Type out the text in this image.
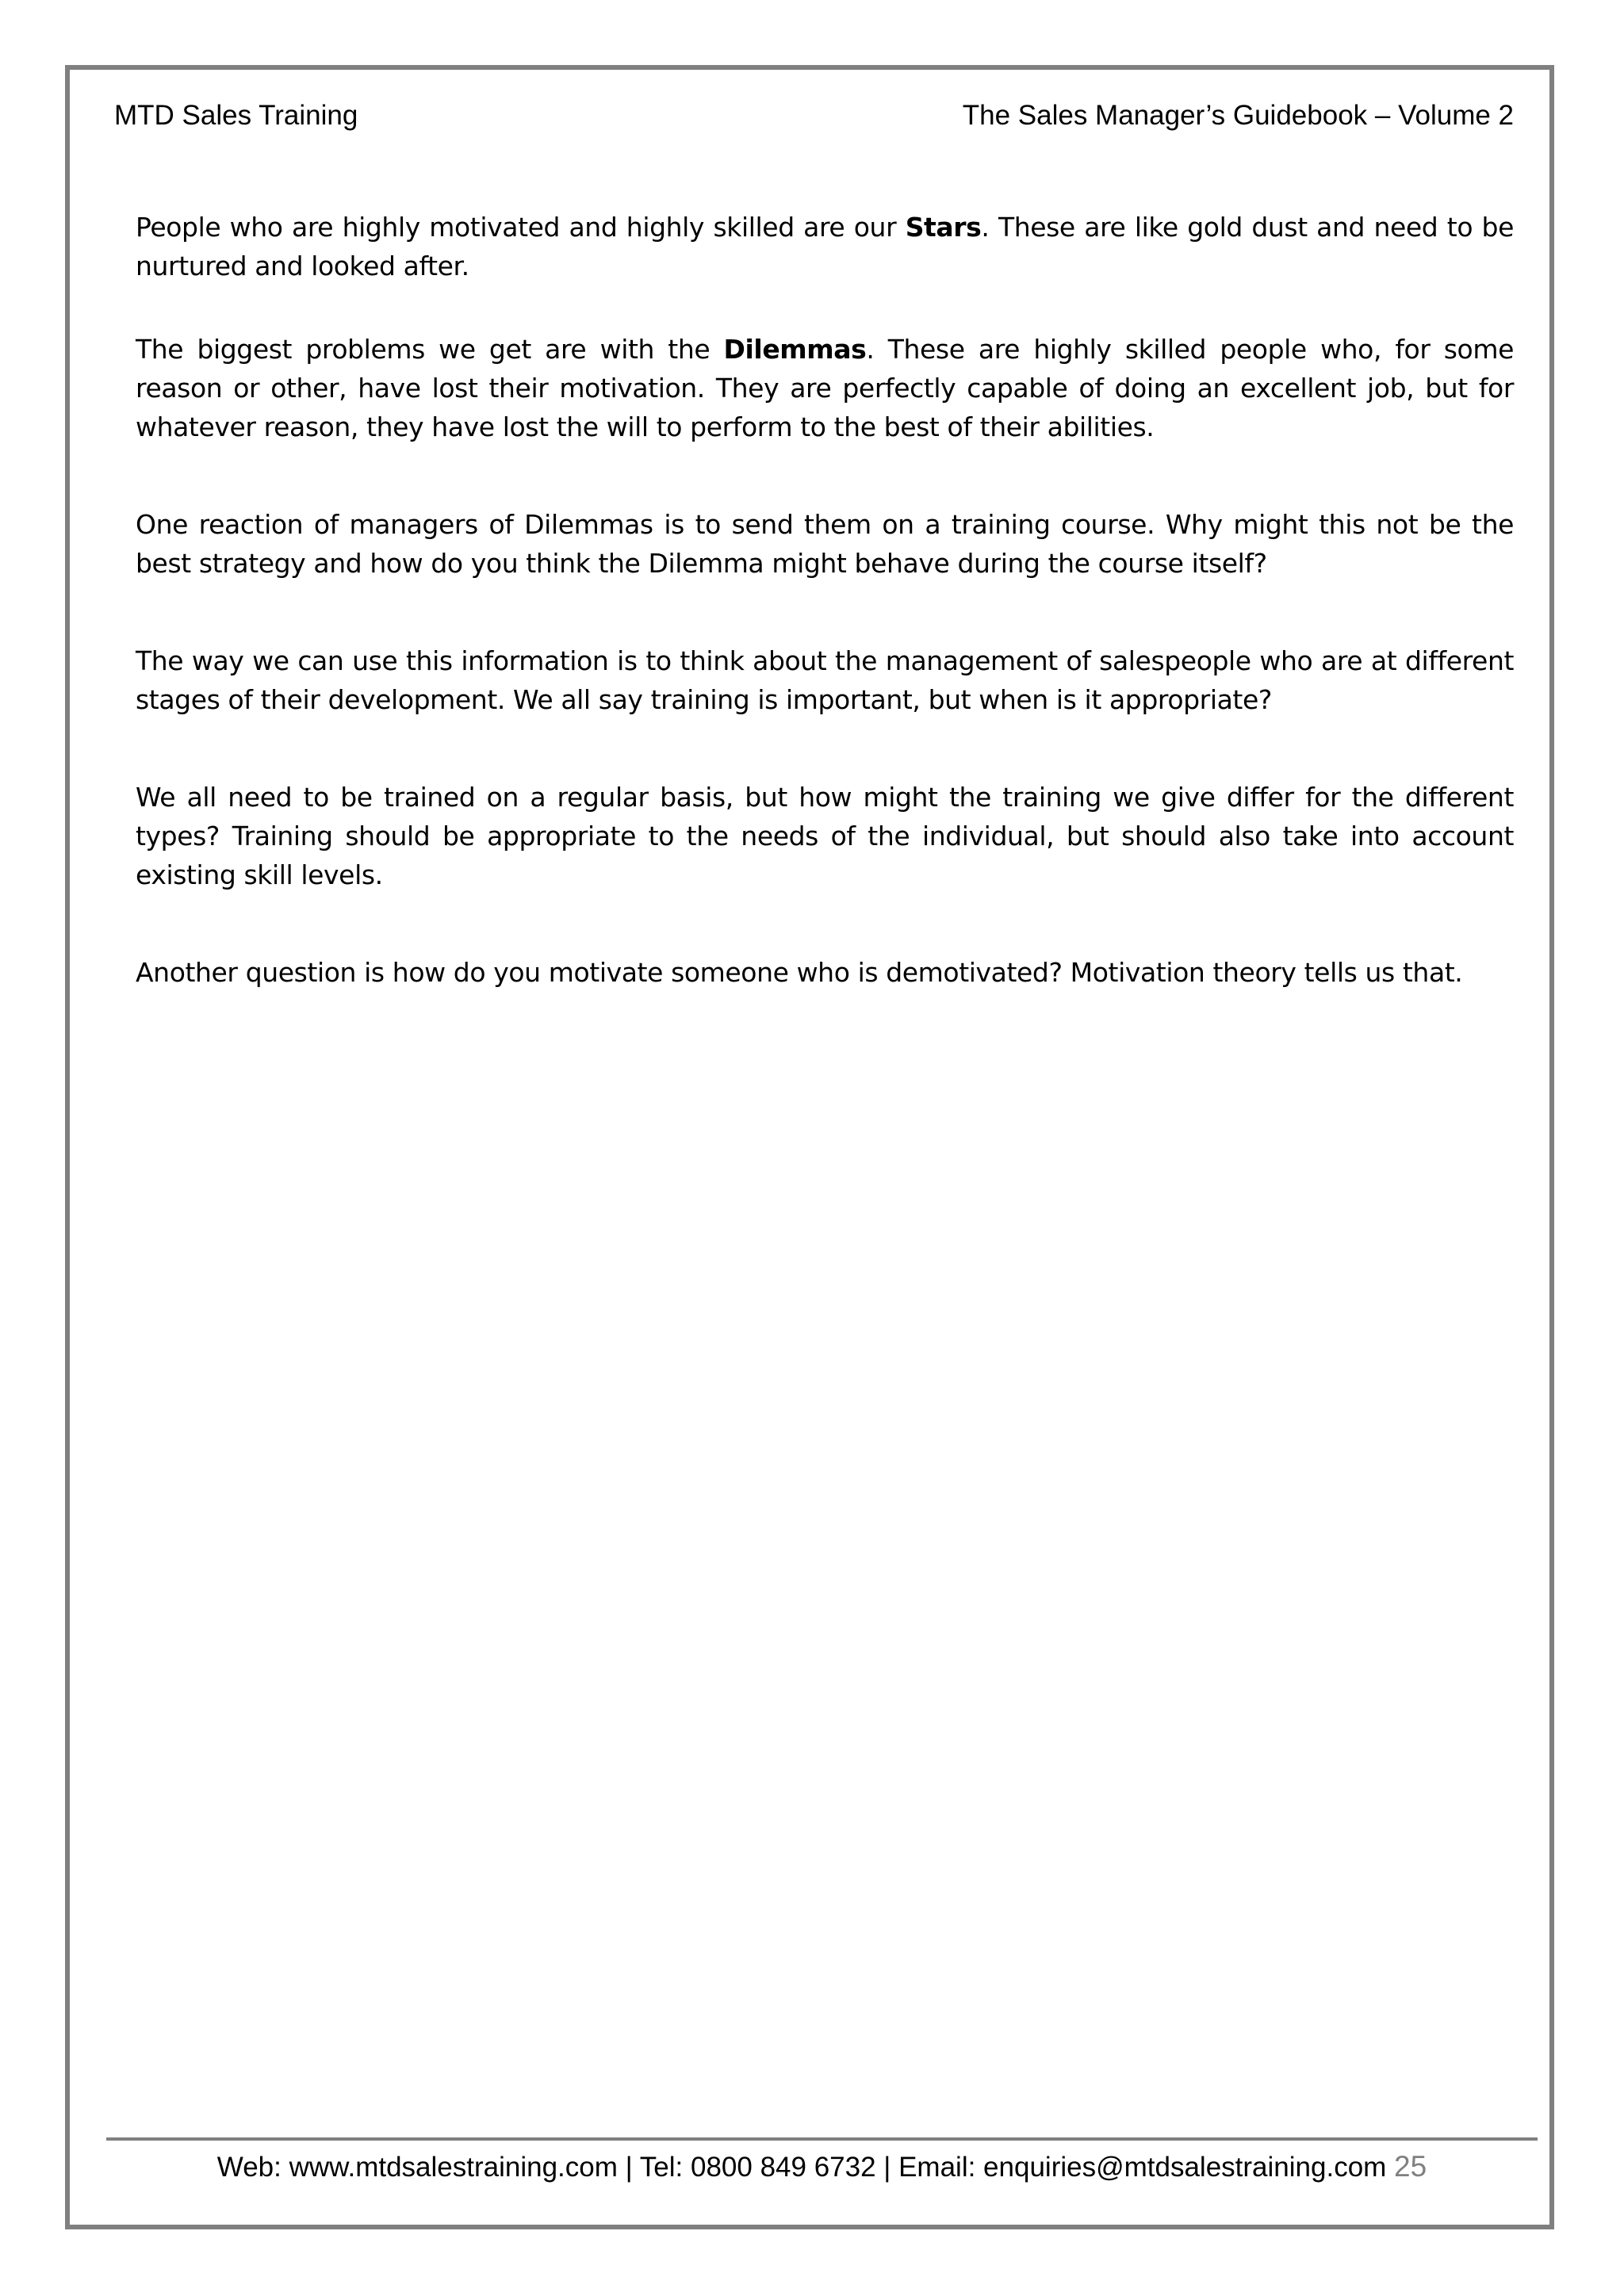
MTD Sales Training	The Sales Manager’s Guidebook – Volume 2

People who are highly motivated and highly skilled are our Stars. These are like gold dust and need to be nurtured and looked after.

The biggest problems we get are with the Dilemmas. These are highly skilled people who, for some reason or other, have lost their motivation. They are perfectly capable of doing an excellent job, but for whatever reason, they have lost the will to perform to the best of their abilities.

One reaction of managers of Dilemmas is to send them on a training course. Why might this not be the best strategy and how do you think the Dilemma might behave during the course itself?

The way we can use this information is to think about the management of salespeople who are at different stages of their development. We all say training is important, but when is it appropriate?

We all need to be trained on a regular basis, but how might the training we give differ for the different types? Training should be appropriate to the needs of the individual, but should also take into account existing skill levels.

Another question is how do you motivate someone who is demotivated? Motivation theory tells us that.

Web: www.mtdsalestraining.com | Tel: 0800 849 6732 | Email: enquiries@mtdsalestraining.com 25
